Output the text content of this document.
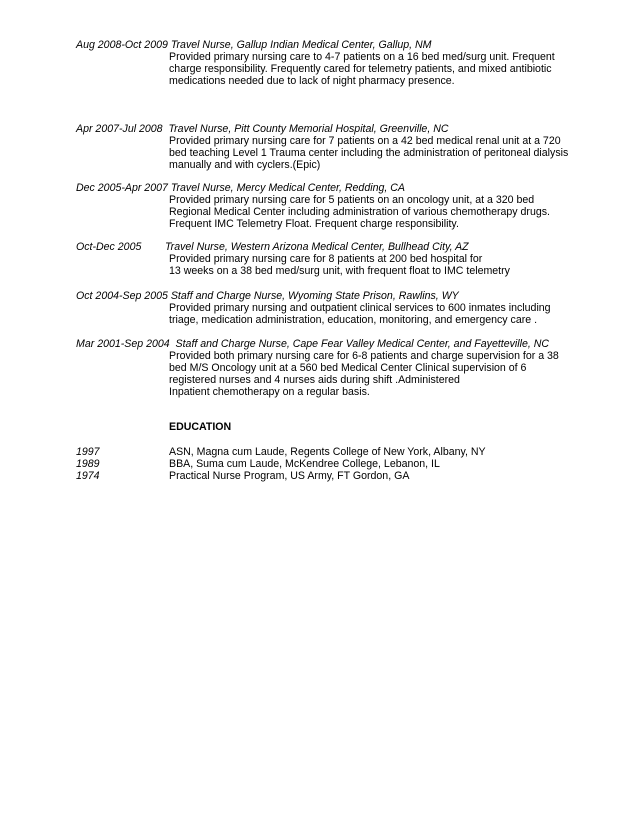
Aug 2008-Oct 2009 Travel Nurse, Gallup Indian Medical Center, Gallup, NM
Provided primary nursing care to 4-7 patients on a 16 bed med/surg unit. Frequent
charge responsibility. Frequently cared for telemetry patients, and mixed antibiotic
medications needed due to lack of night pharmacy presence.
Apr 2007-Jul 2008 Travel Nurse, Pitt County Memorial Hospital, Greenville, NC
Provided primary nursing care for 7 patients on a 42 bed medical renal unit at a 720
bed teaching Level 1 Trauma center including the administration of peritoneal dialysis
manually and with cyclers.(Epic)
Dec 2005-Apr 2007 Travel Nurse, Mercy Medical Center, Redding, CA
Provided primary nursing care for 5 patients on an oncology unit, at a 320 bed
Regional Medical Center including administration of various chemotherapy drugs.
Frequent IMC Telemetry Float. Frequent charge responsibility.
Oct-Dec 2005 Travel Nurse, Western Arizona Medical Center, Bullhead City, AZ
Provided primary nursing care for 8 patients at 200 bed hospital for
13 weeks on a 38 bed med/surg unit, with frequent float to IMC telemetry
Oct 2004-Sep 2005 Staff and Charge Nurse, Wyoming State Prison, Rawlins, WY
Provided primary nursing and outpatient clinical services to 600 inmates including
triage, medication administration, education, monitoring, and emergency care .
Mar 2001-Sep 2004 Staff and Charge Nurse, Cape Fear Valley Medical Center, and Fayetteville, NC
Provided both primary nursing care for 6-8 patients and charge supervision for a 38
bed M/S Oncology unit at a 560 bed Medical Center Clinical supervision of 6
registered nurses and 4 nurses aids during shift .Administered
Inpatient chemotherapy on a regular basis.
EDUCATION
1997	ASN, Magna cum Laude, Regents College of New York, Albany, NY
1989	BBA, Suma cum Laude, McKendree College, Lebanon, IL
1974	Practical Nurse Program, US Army, FT Gordon, GA
